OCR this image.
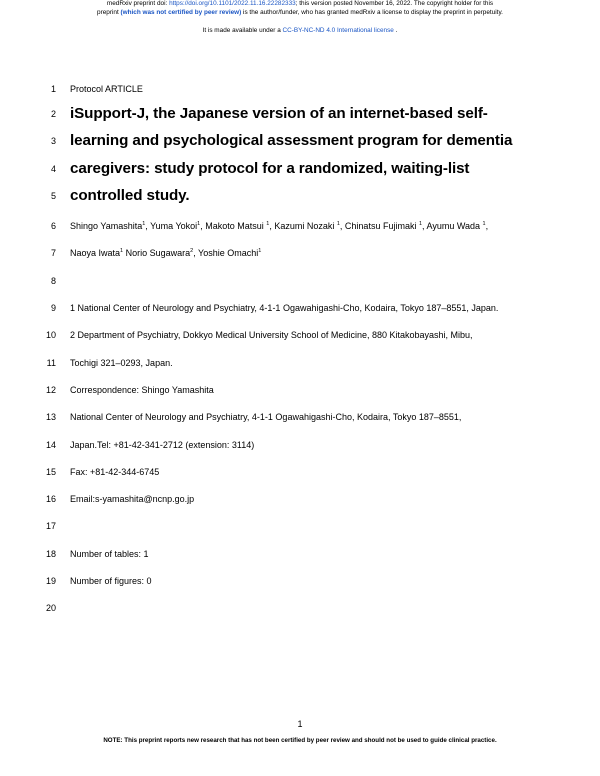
medRxiv preprint doi: https://doi.org/10.1101/2022.11.16.22282333; this version posted November 16, 2022. The copyright holder for this
preprint (which was not certified by peer review) is the author/funder, who has granted medRxiv a license to display the preprint in perpetuity.
It is made available under a CC-BY-NC-ND 4.0 International license .
1 Protocol ARTICLE
2 iSupport-J, the Japanese version of an internet-based self-
3 learning and psychological assessment program for dementia
4 caregivers: study protocol for a randomized, waiting-list
5 controlled study.
6 Shingo Yamashita$^1$, Yuma Yokoi$^1$, Makoto Matsui $^1$, Kazumi Nozaki $^1$, Chinatsu Fujimaki $^1$, Ayumu Wada $^1$,
7 Naoya Iwata$^1$ Norio Sugawara$^2$, Yoshie Omachi$^1$
8
9 1 National Center of Neurology and Psychiatry, 4-1-1 Ogawahigashi-Cho, Kodaira, Tokyo 187–8551, Japan.
10 2 Department of Psychiatry, Dokkyo Medical University School of Medicine, 880 Kitakobayashi, Mibu,
11 Tochigi 321–0293, Japan.
12 Correspondence: Shingo Yamashita
13 National Center of Neurology and Psychiatry, 4-1-1 Ogawahigashi-Cho, Kodaira, Tokyo 187–8551,
14 Japan.Tel: +81-42-341-2712 (extension: 3114)
15 Fax: +81-42-344-6745
16 Email:s-yamashita@ncnp.go.jp
17
18 Number of tables: 1
19 Number of figures: 0
20
1
NOTE: This preprint reports new research that has not been certified by peer review and should not be used to guide clinical practice.
